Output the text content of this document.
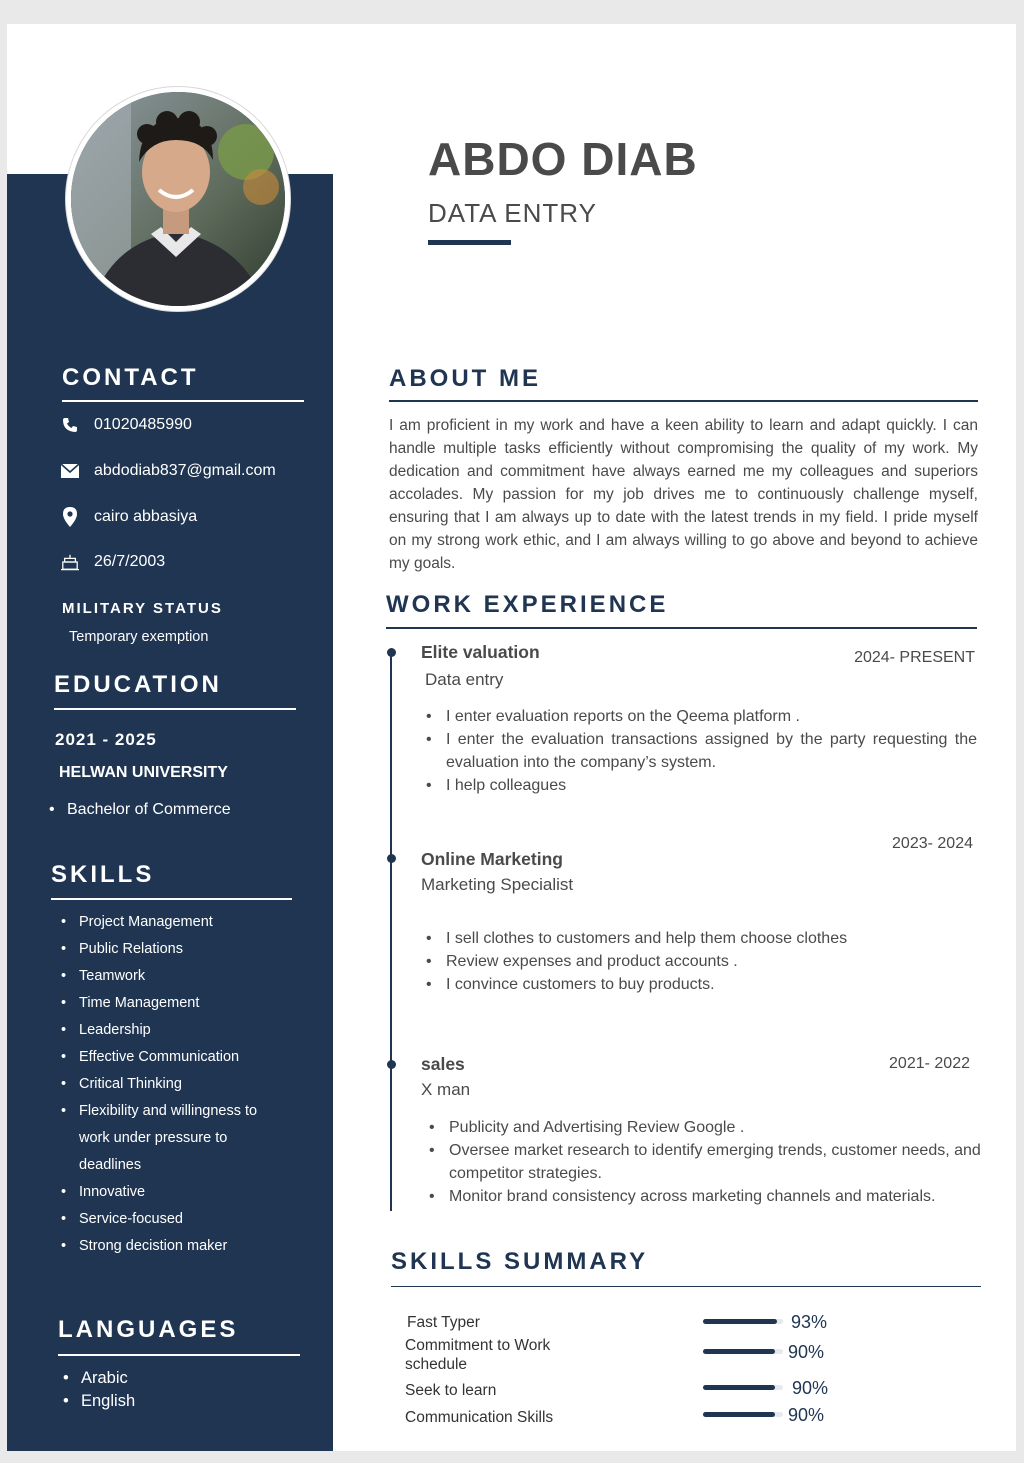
ABDO DIAB
DATA ENTRY
CONTACT
01020485990
abdodiab837@gmail.com
cairo abbasiya
26/7/2003
MILITARY STATUS
Temporary exemption
EDUCATION
2021 - 2025
HELWAN UNIVERSITY
• Bachelor of Commerce
SKILLS
• Project Management
• Public Relations
• Teamwork
• Time Management
• Leadership
• Effective Communication
• Critical Thinking
• Flexibility and willingness to
work under pressure to
deadlines
• Innovative
• Service-focused
• Strong decistion maker
LANGUAGES
• Arabic
• English
ABOUT ME
I am proficient in my work and have a keen ability to learn and adapt quickly. I can handle multiple tasks efficiently without compromising the quality of my work. My dedication and commitment have always earned me my colleagues and superiors accolades. My passion for my job drives me to continuously challenge myself, ensuring that I am always up to date with the latest trends in my field. I pride myself on my strong work ethic, and I am always willing to go above and beyond to achieve my goals.
WORK EXPERIENCE
Elite valuation	2024- PRESENT
Data entry
• I enter evaluation reports on the Qeema platform .
• I enter the evaluation transactions assigned by the party requesting the evaluation into the company’s system.
• I help colleagues
2023- 2024
Online Marketing
Marketing Specialist
• I sell clothes to customers and help them choose clothes
• Review expenses and product accounts .
• I convince customers to buy products.
sales	2021- 2022
X man
• Publicity and Advertising Review Google .
• Oversee market research to identify emerging trends, customer needs, and competitor strategies.
• Monitor brand consistency across marketing channels and materials.
SKILLS SUMMARY
Fast Typer	93%
Commitment to Work schedule
90%
Seek to learn	90%
Communication Skills	90%
